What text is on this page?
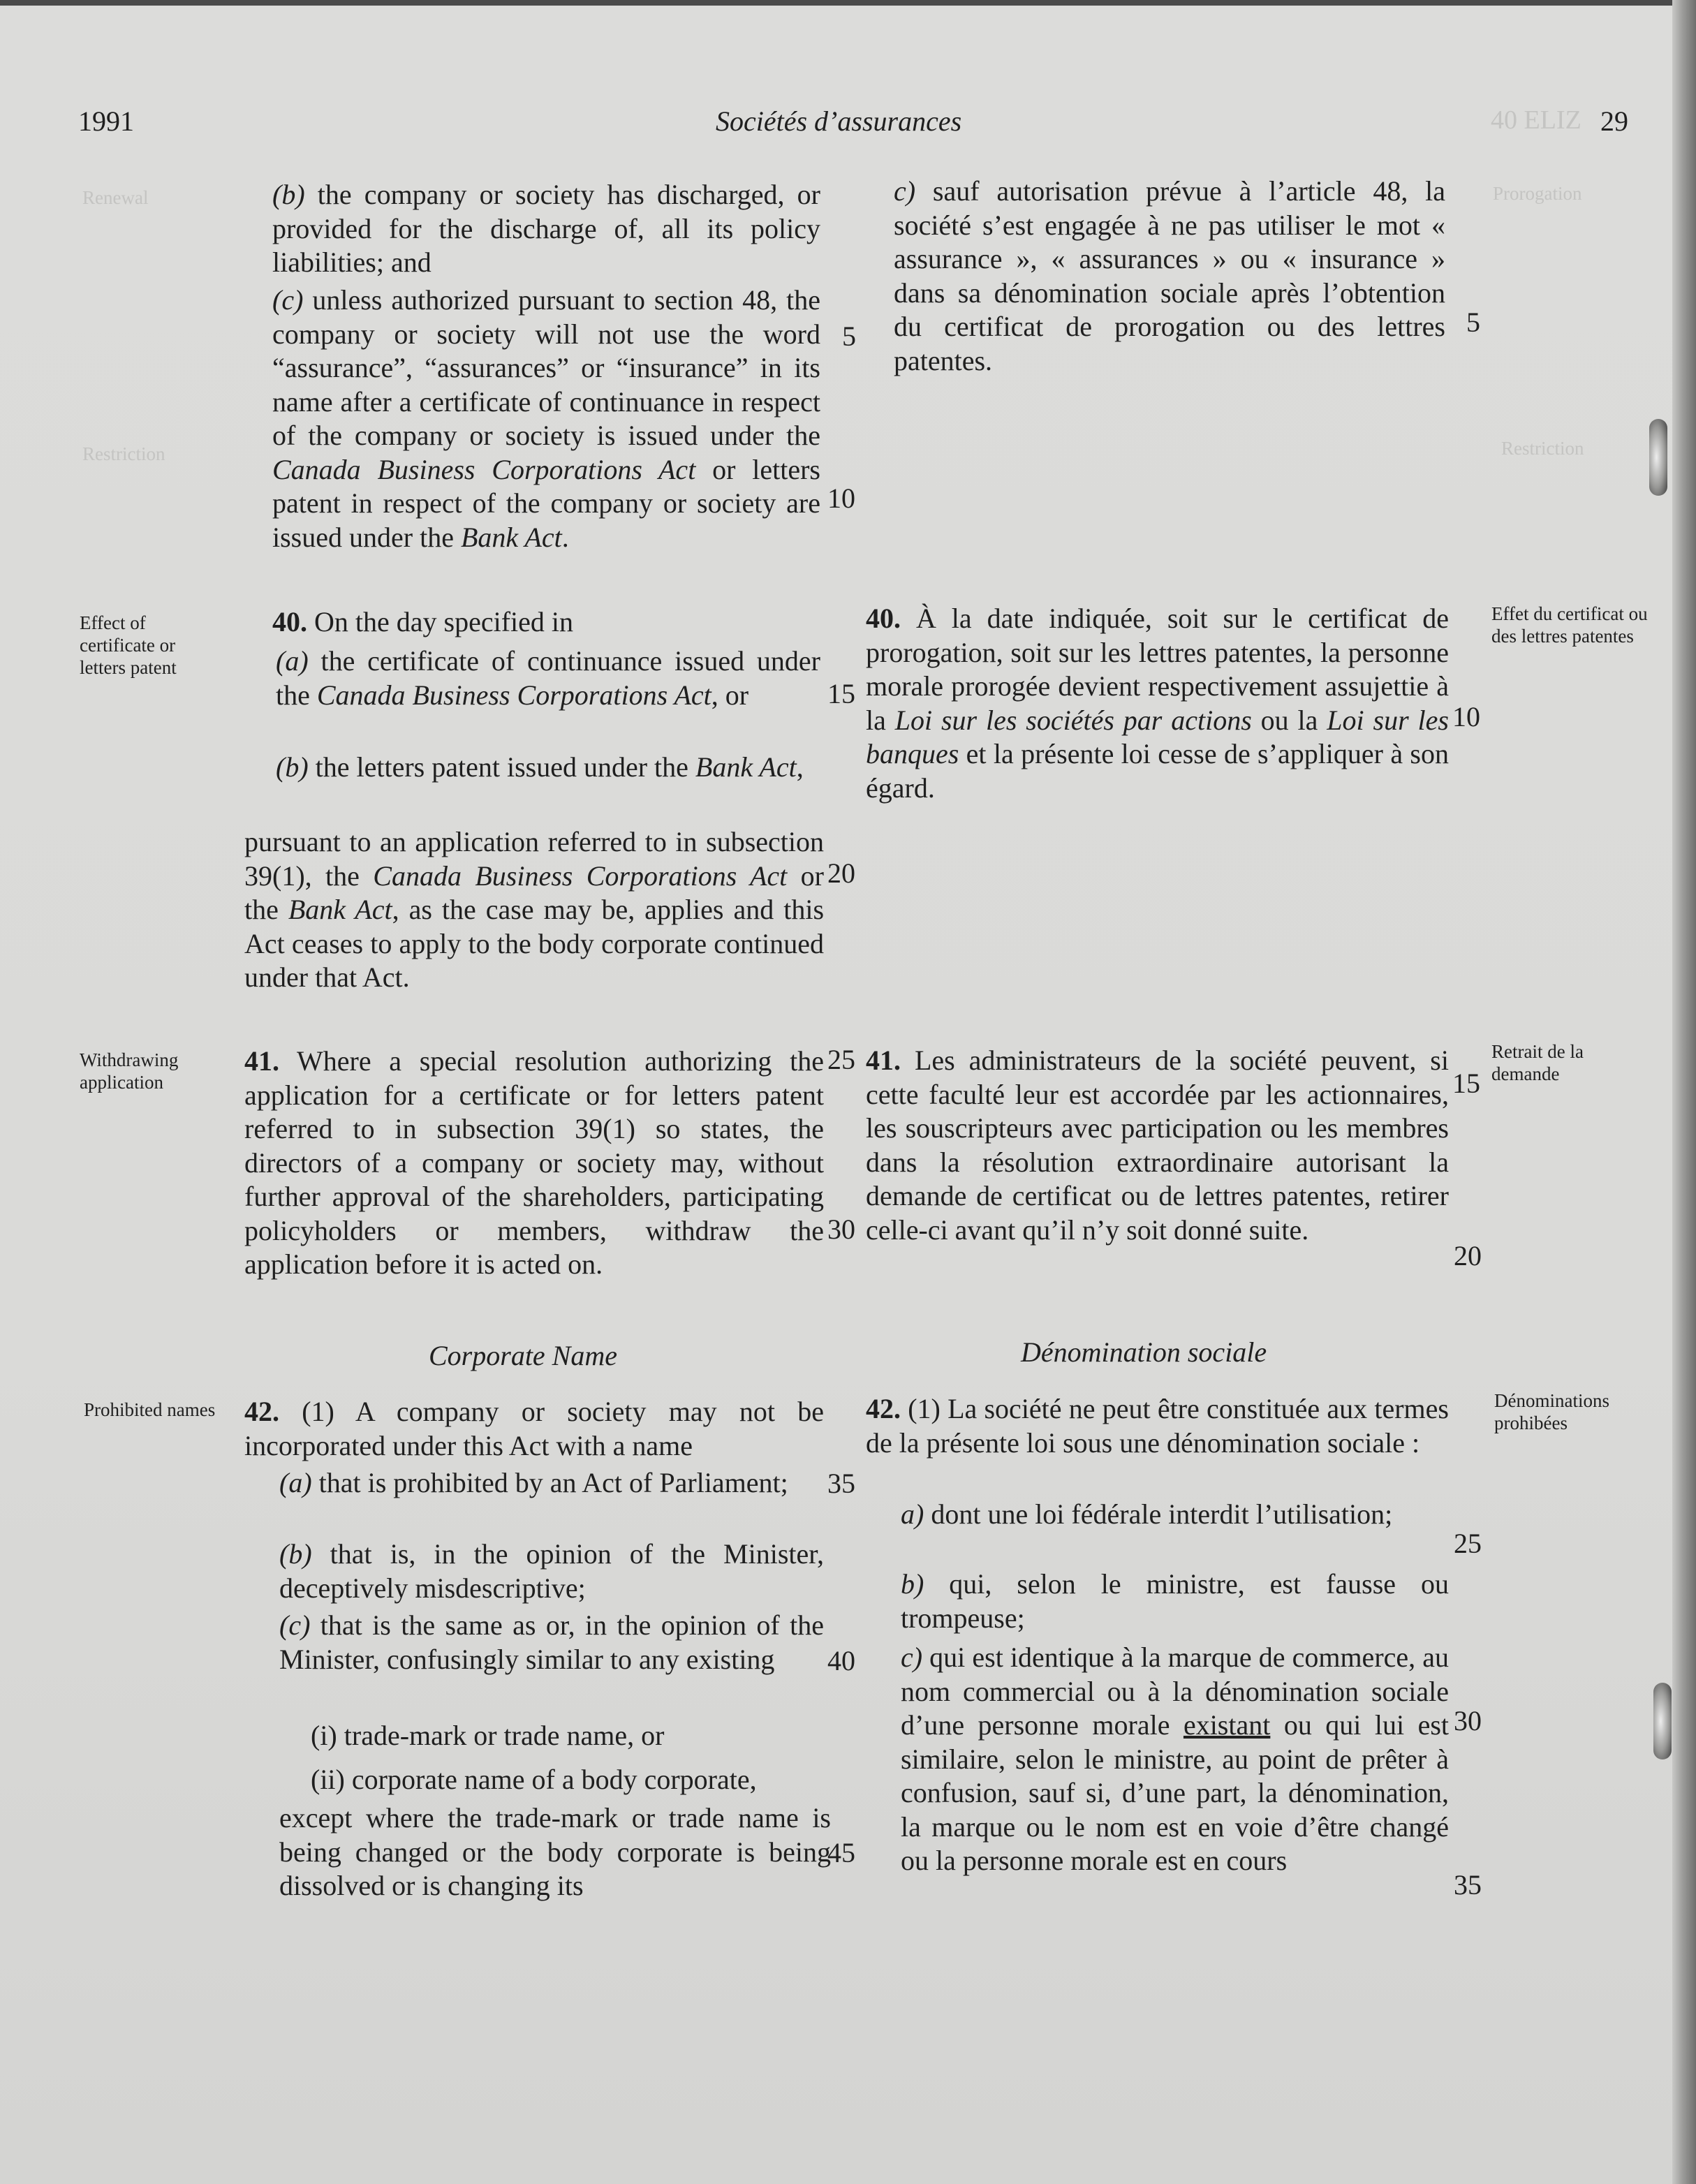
40 ELIZ
Renewal	Prorogation
Restriction	Restriction
1991	Sociétés d’assurances	29
Effect of certificate or letters patent
Effet du certificat ou des lettres patentes
Withdrawing application
Retrait de la demande
Prohibited names	Dénominations prohibées

(b) the company or society has discharged, or provided for the discharge of, all its policy liabilities; and

(c) unless authorized pursuant to section 48, the company or society will not use the word “assurance”, “assurances” or “insurance” in its name after a certificate of continuance in respect of the company or society is issued under the Canada Business Corporations Act or letters patent in respect of the company or society are issued under the Bank Act.

40. On the day specified in

(a) the certificate of continuance issued under the Canada Business Corporations Act, or

(b) the letters patent issued under the Bank Act,

pursuant to an application referred to in subsection 39(1), the Canada Business Corporations Act or the Bank Act, as the case may be, applies and this Act ceases to apply to the body corporate continued under that Act.

41. Where a special resolution authorizing the application for a certificate or for letters patent referred to in subsection 39(1) so states, the directors of a company or society may, without further approval of the shareholders, participating policyholders or members, withdraw the application before it is acted on.

Corporate Name

42. (1) A company or society may not be incorporated under this Act with a name

(a) that is prohibited by an Act of Parliament;

(b) that is, in the opinion of the Minister, deceptively misdescriptive;

(c) that is the same as or, in the opinion of the Minister, confusingly similar to any existing

(i) trade-mark or trade name, or
(ii) corporate name of a body corporate,
except where the trade-mark or trade name is being changed or the body corporate is being dissolved or is changing its
5
10
15
20
25
30
35
40
45

c) sauf autorisation prévue à l’article 48, la société s’est engagée à ne pas utiliser le mot « assurance », « assurances » ou « insurance » dans sa dénomination sociale après l’obtention du certificat de prorogation ou des lettres patentes.

40. À la date indiquée, soit sur le certificat de prorogation, soit sur les lettres patentes, la personne morale prorogée devient respectivement assujettie à la Loi sur les sociétés par actions ou la Loi sur les banques et la présente loi cesse de s’appliquer à son égard.

41. Les administrateurs de la société peuvent, si cette faculté leur est accordée par les actionnaires, les souscripteurs avec participation ou les membres dans la résolution extraordinaire autorisant la demande de certificat ou de lettres patentes, retirer celle-ci avant qu’il n’y soit donné suite.

Dénomination sociale

42. (1) La société ne peut être constituée aux termes de la présente loi sous une dénomination sociale :

a) dont une loi fédérale interdit l’utilisation;

b) qui, selon le ministre, est fausse ou trompeuse;

c) qui est identique à la marque de commerce, au nom commercial ou à la dénomination sociale d’une personne morale existant ou qui lui est similaire, selon le ministre, au point de prêter à confusion, sauf si, d’une part, la dénomination, la marque ou le nom est en voie d’être changé ou la personne morale est en cours

5
10
15
20
25
30
35
